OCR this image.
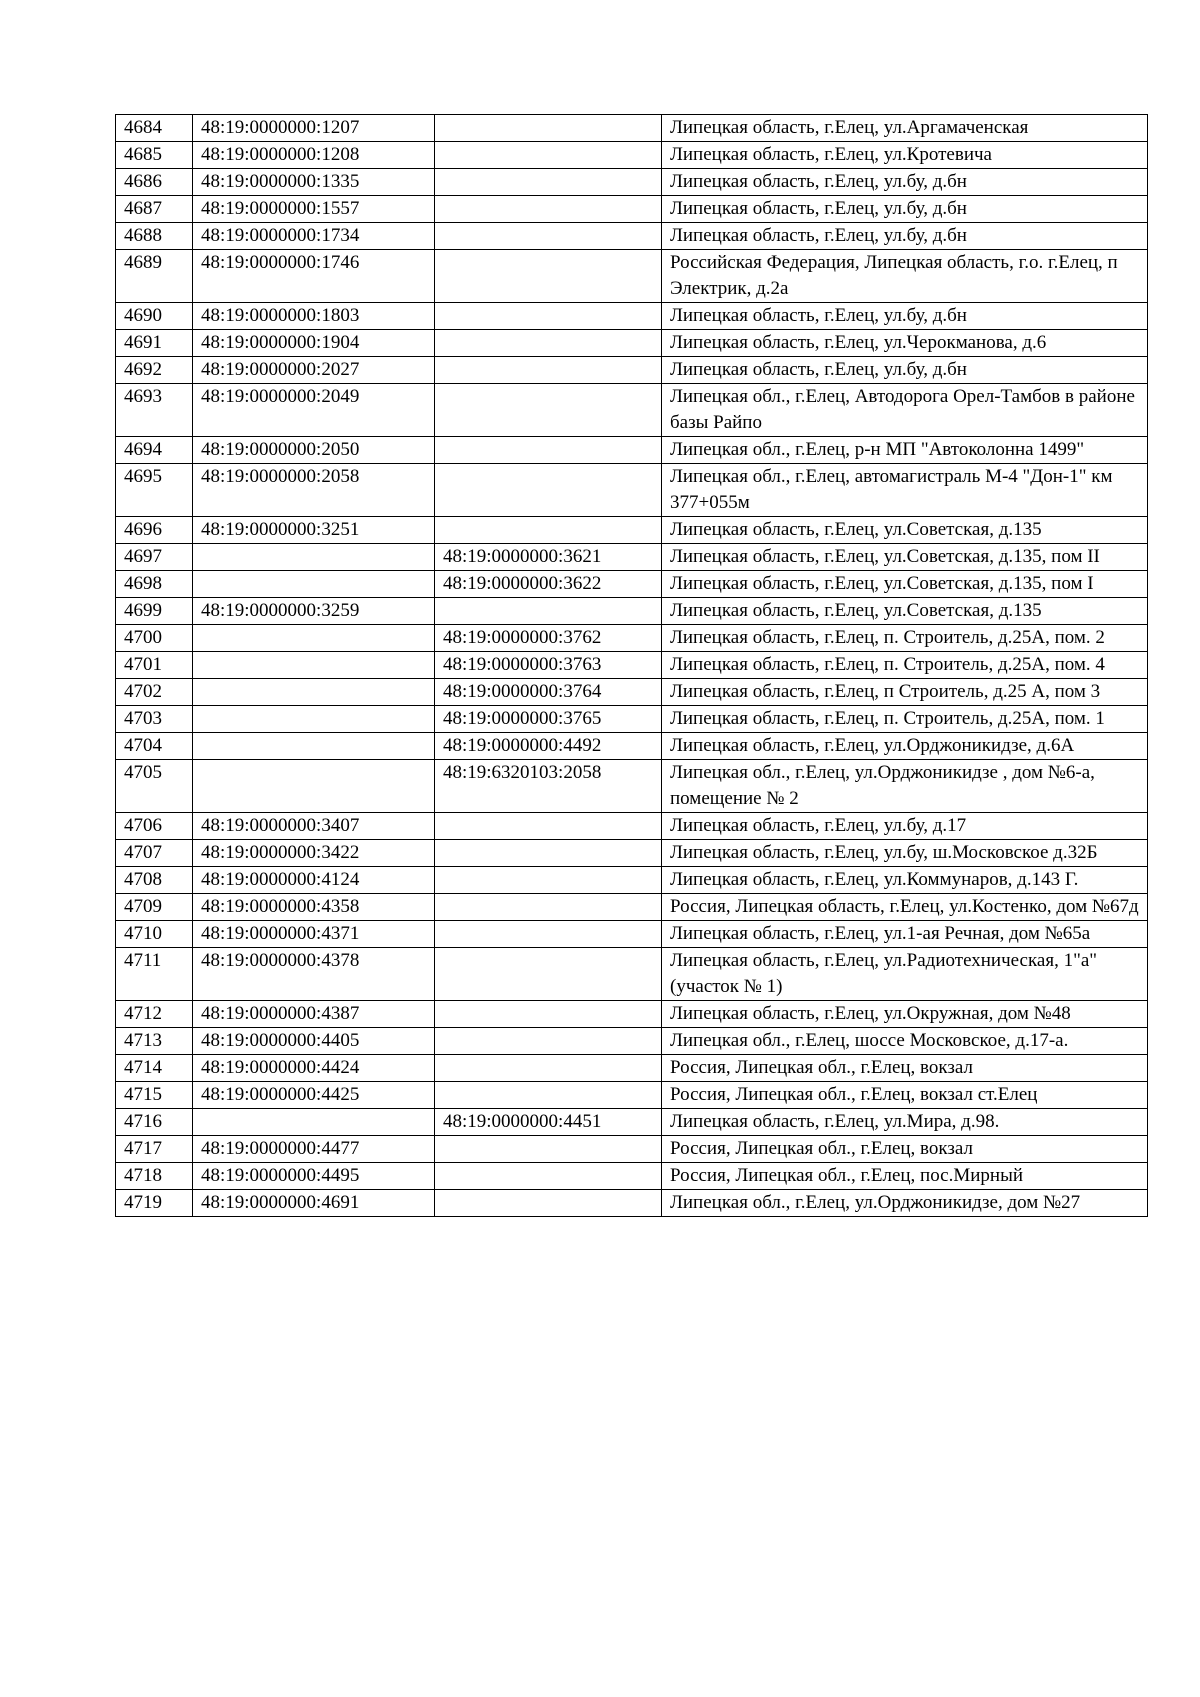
4684	48:19:0000000:1207		Липецкая область, г.Елец, ул.Аргамаченская
4685	48:19:0000000:1208		Липецкая область, г.Елец, ул.Кротевича
4686	48:19:0000000:1335		Липецкая область, г.Елец, ул.бу, д.бн
4687	48:19:0000000:1557		Липецкая область, г.Елец, ул.бу, д.бн
4688	48:19:0000000:1734		Липецкая область, г.Елец, ул.бу, д.бн
4689	48:19:0000000:1746		Российская Федерация, Липецкая область, г.о. г.Елец, п Электрик, д.2а
4690	48:19:0000000:1803		Липецкая область, г.Елец, ул.бу, д.бн
4691	48:19:0000000:1904		Липецкая область, г.Елец, ул.Черокманова, д.6
4692	48:19:0000000:2027		Липецкая область, г.Елец, ул.бу, д.бн
4693	48:19:0000000:2049		Липецкая обл., г.Елец, Автодорога Орел-Тамбов в районе базы Райпо
4694	48:19:0000000:2050		Липецкая обл., г.Елец, р-н МП "Автоколонна 1499"
4695	48:19:0000000:2058		Липецкая обл., г.Елец, автомагистраль М-4 "Дон-1" км 377+055м
4696	48:19:0000000:3251		Липецкая область, г.Елец, ул.Советская, д.135
4697		48:19:0000000:3621	Липецкая область, г.Елец, ул.Советская, д.135, пом II
4698		48:19:0000000:3622	Липецкая область, г.Елец, ул.Советская, д.135, пом I
4699	48:19:0000000:3259		Липецкая область, г.Елец, ул.Советская, д.135
4700		48:19:0000000:3762	Липецкая область, г.Елец, п. Строитель, д.25А, пом. 2
4701		48:19:0000000:3763	Липецкая область, г.Елец, п. Строитель, д.25А, пом. 4
4702		48:19:0000000:3764	Липецкая область, г.Елец, п Строитель, д.25 А, пом 3
4703		48:19:0000000:3765	Липецкая область, г.Елец, п. Строитель, д.25А, пом. 1
4704		48:19:0000000:4492	Липецкая область, г.Елец, ул.Орджоникидзе, д.6А
4705		48:19:6320103:2058	Липецкая обл., г.Елец, ул.Орджоникидзе , дом №6-а, помещение № 2
4706	48:19:0000000:3407		Липецкая область, г.Елец, ул.бу, д.17
4707	48:19:0000000:3422		Липецкая область, г.Елец, ул.бу, ш.Московское д.32Б
4708	48:19:0000000:4124		Липецкая область, г.Елец, ул.Коммунаров, д.143 Г.
4709	48:19:0000000:4358		Россия, Липецкая область, г.Елец, ул.Костенко, дом №67д
4710	48:19:0000000:4371		Липецкая область, г.Елец, ул.1-ая Речная, дом №65а
4711	48:19:0000000:4378		Липецкая область, г.Елец, ул.Радиотехническая, 1"а" (участок № 1)
4712	48:19:0000000:4387		Липецкая область, г.Елец, ул.Окружная, дом №48
4713	48:19:0000000:4405		Липецкая обл., г.Елец, шоссе Московское, д.17-а.
4714	48:19:0000000:4424		Россия, Липецкая обл., г.Елец, вокзал
4715	48:19:0000000:4425		Россия, Липецкая обл., г.Елец, вокзал ст.Елец
4716		48:19:0000000:4451	Липецкая область, г.Елец, ул.Мира, д.98.
4717	48:19:0000000:4477		Россия, Липецкая обл., г.Елец, вокзал
4718	48:19:0000000:4495		Россия, Липецкая обл., г.Елец, пос.Мирный
4719	48:19:0000000:4691		Липецкая обл., г.Елец, ул.Орджоникидзе, дом №27
